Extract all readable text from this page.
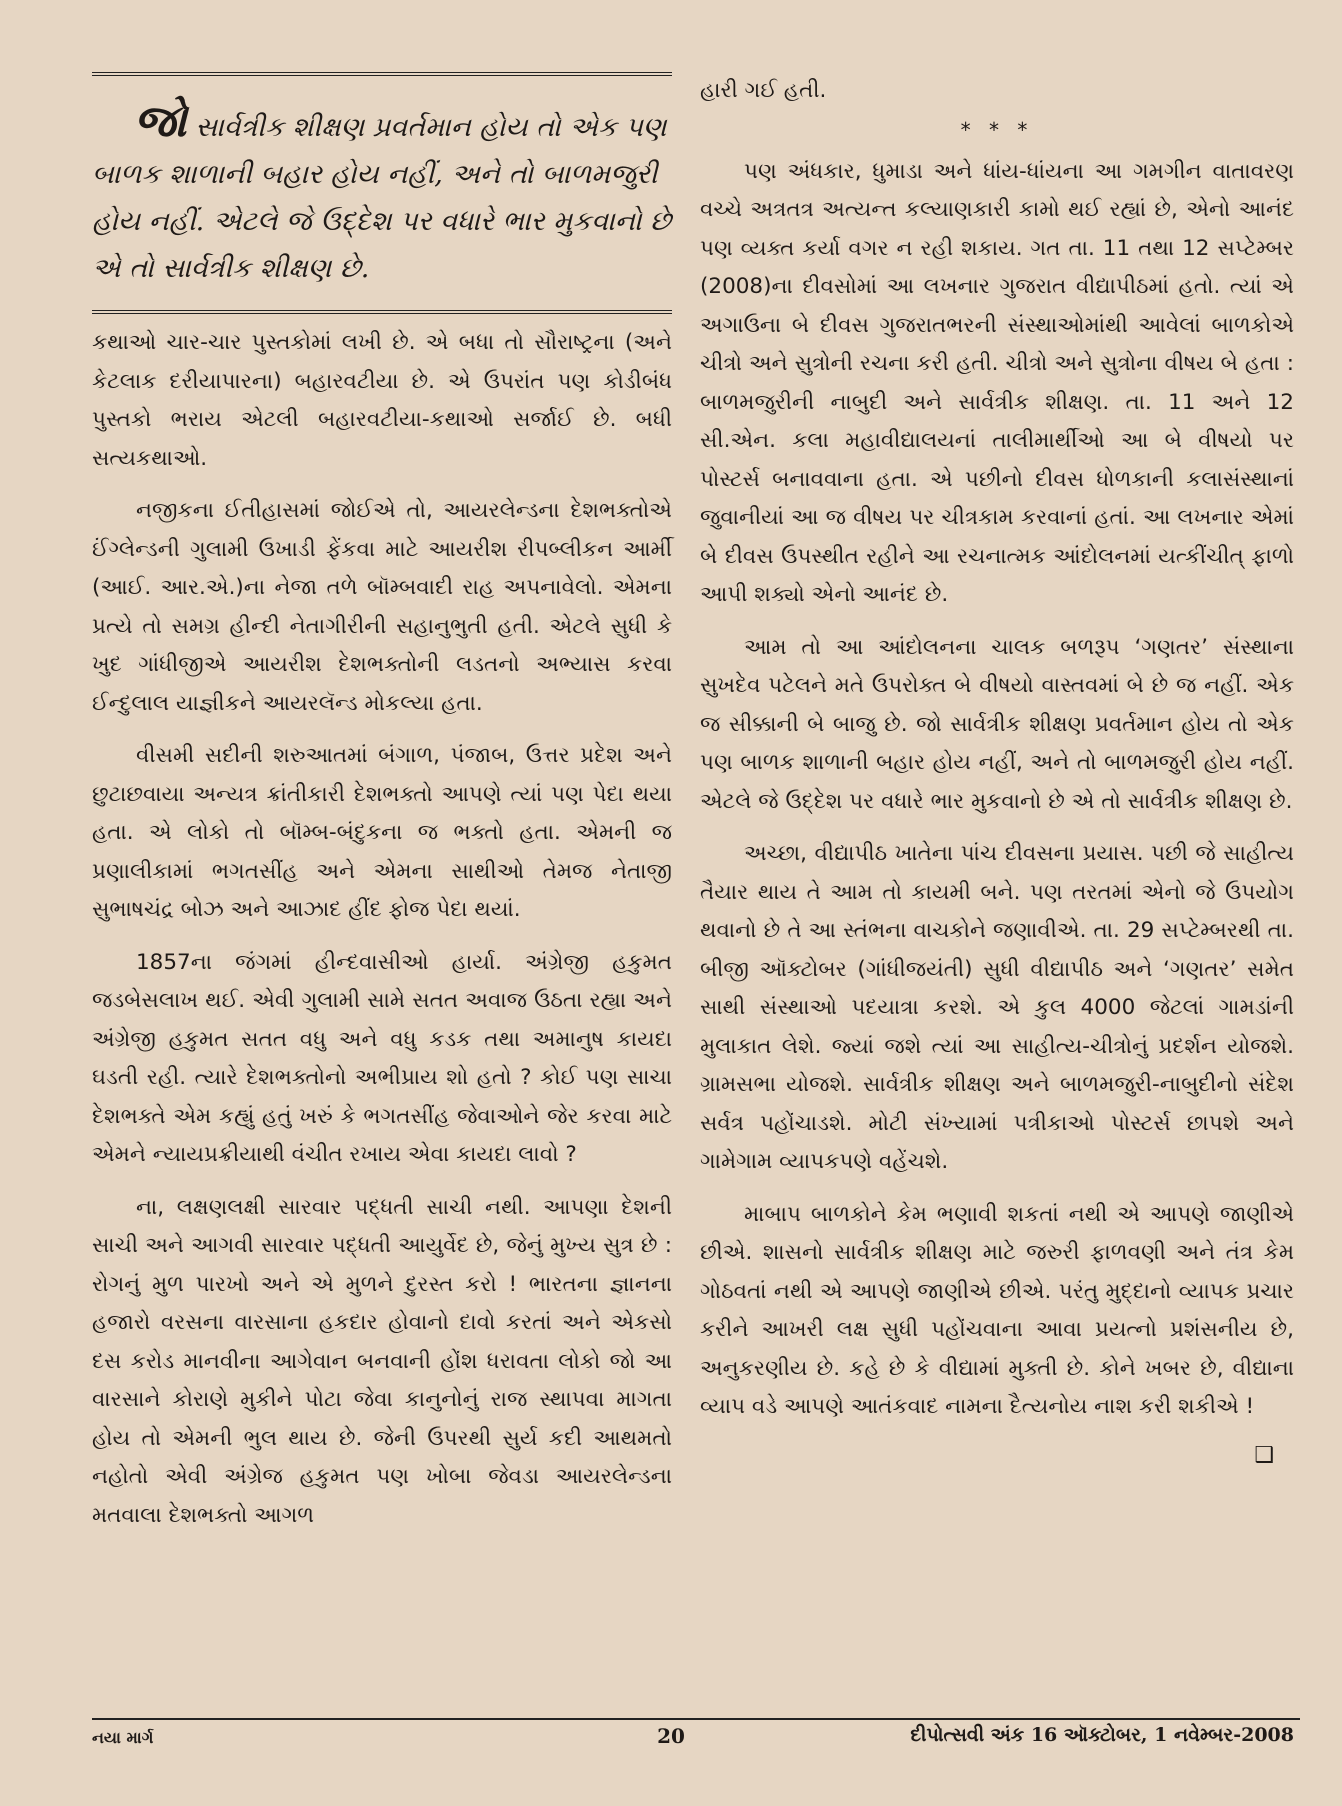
જો સાર્વત્રીક શીક્ષણ પ્રવર્તમાન હોય તો એક પણ બાળક શાળાની બહાર હોય નહીં, અને તો બાળમજુરી હોય નહીં. એટલે જે ઉદ્દેશ પર વધારે ભાર મુકવાનો છે એ તો સાર્વત્રીક શીક્ષણ છે.

કથાઓ ચાર-ચાર પુસ્તકોમાં લખી છે. એ બધા તો સૌરાષ્ટ્રના (અને કેટલાક દરીયાપારના) બહારવટીયા છે. એ ઉપરાંત પણ કોડીબંધ પુસ્તકો ભરાય એટલી બહારવટીયા-કથાઓ સર્જાઈ છે. બધી સત્યકથાઓ.

નજીકના ઈતીહાસમાં જોઈએ તો, આયરલેન્ડના દેશભક્તોએ ઈંગ્લેન્ડની ગુલામી ઉખાડી ફેંકવા માટે આયરીશ રીપબ્લીકન આર્મી (આઈ. આર.એ.)ના નેજા તળે બૉમ્બવાદી રાહ અપનાવેલો. એમના પ્રત્યે તો સમગ્ર હીન્દી નેતાગીરીની સહાનુભુતી હતી. એટલે સુધી કે ખુદ ગાંધીજીએ આયરીશ દેશભક્તોની લડતનો અભ્યાસ કરવા ઈન્દુલાલ યાજ્ઞીકને આયરલૅન્ડ મોકલ્યા હતા.

વીસમી સદીની શરુઆતમાં બંગાળ, પંજાબ, ઉત્તર પ્રદેશ અને છુટાછવાયા અન્યત્ર ક્રાંતીકારી દેશભક્તો આપણે ત્યાં પણ પેદા થયા હતા. એ લોકો તો બૉમ્બ-બંદુકના જ ભક્તો હતા. એમની જ પ્રણાલીકામાં ભગતસીંહ અને એમના સાથીઓ તેમજ નેતાજી સુભાષચંદ્ર બોઝ અને આઝાદ હીંદ ફોજ પેદા થયાં.

1857ના જંગમાં હીન્દવાસીઓ હાર્યા. અંગ્રેજી હકુમત જડબેસલાખ થઈ. એવી ગુલામી સામે સતત અવાજ ઉઠતા રહ્યા અને અંગ્રેજી હકુમત સતત વધુ અને વધુ કડક તથા અમાનુષ કાયદા ઘડતી રહી. ત્યારે દેશભક્તોનો અભીપ્રાય શો હતો ? કોઈ પણ સાચા દેશભક્તે એમ કહ્યું હતું ખરું કે ભગતસીંહ જેવાઓને જેર કરવા માટે એમને ન્યાયપ્રક્રીયાથી વંચીત રખાય એવા કાયદા લાવો ?

ના, લક્ષણલક્ષી સારવાર પદ્ધતી સાચી નથી. આપણા દેશની સાચી અને આગવી સારવાર પદ્ધતી આયુર્વેદ છે, જેનું મુખ્ય સુત્ર છે : રોગનું મુળ પારખો અને એ મુળને દુરસ્ત કરો ! ભારતના જ્ઞાનના હજારો વરસના વારસાના હકદાર હોવાનો દાવો કરતાં અને એકસો દસ કરોડ માનવીના આગેવાન બનવાની હોંશ ધરાવતા લોકો જો આ વારસાને કોરાણે મુકીને પોટા જેવા કાનુનોનું રાજ સ્થાપવા માગતા હોય તો એમની ભુલ થાય છે. જેની ઉપરથી સુર્ય કદી આથમતો નહોતો એવી અંગ્રેજ હકુમત પણ ખોબા જેવડા આયરલેન્ડના મતવાલા દેશભક્તો આગળ

હારી ગઈ હતી.

* * *

પણ અંધકાર, ધુમાડા અને ધાંય-ધાંયના આ ગમગીન વાતાવરણ વચ્ચે અત્રતત્ર અત્યન્ત કલ્યાણકારી કામો થઈ રહ્યાં છે, એનો આનંદ પણ વ્યક્ત કર્યા વગર ન રહી શકાય. ગત તા. 11 તથા 12 સપ્ટેમ્બર (2008)ના દીવસોમાં આ લખનાર ગુજરાત વીદ્યાપીઠમાં હતો. ત્યાં એ અગાઉના બે દીવસ ગુજરાતભરની સંસ્થાઓમાંથી આવેલાં બાળકોએ ચીત્રો અને સુત્રોની રચના કરી હતી. ચીત્રો અને સુત્રોના વીષય બે હતા : બાળમજુરીની નાબુદી અને સાર્વત્રીક શીક્ષણ. તા. 11 અને 12 સી.એન. કલા મહાવીદ્યાલયનાં તાલીમાર્થીઓ આ બે વીષયો પર પોસ્ટર્સ બનાવવાના હતા. એ પછીનો દીવસ ધોળકાની કલાસંસ્થાનાં જુવાનીયાં આ જ વીષય પર ચીત્રકામ કરવાનાં હતાં. આ લખનાર એમાં બે દીવસ ઉપસ્થીત રહીને આ રચનાત્મક આંદોલનમાં યત્કીંચીત્ ફાળો આપી શક્યો એનો આનંદ છે.

આમ તો આ આંદોલનના ચાલક બળરૂપ ‘ગણતર’ સંસ્થાના સુખદેવ પટેલને મતે ઉપરોક્ત બે વીષયો વાસ્તવમાં બે છે જ નહીં. એક જ સીક્કાની બે બાજુ છે. જો સાર્વત્રીક શીક્ષણ પ્રવર્તમાન હોય તો એક પણ બાળક શાળાની બહાર હોય નહીં, અને તો બાળમજુરી હોય નહીં. એટલે જે ઉદ્દેશ પર વધારે ભાર મુકવાનો છે એ તો સાર્વત્રીક શીક્ષણ છે.

અચ્છા, વીદ્યાપીઠ ખાતેના પાંચ દીવસના પ્રયાસ. પછી જે સાહીત્ય તૈયાર થાય તે આમ તો કાયમી બને. પણ તરતમાં એનો જે ઉપયોગ થવાનો છે તે આ સ્તંભના વાચકોને જણાવીએ. તા. 29 સપ્ટેમ્બરથી તા. બીજી ઑક્ટોબર (ગાંધીજયંતી) સુધી વીદ્યાપીઠ અને ‘ગણતર’ સમેત સાથી સંસ્થાઓ પદયાત્રા કરશે. એ કુલ 4000 જેટલાં ગામડાંની મુલાકાત લેશે. જ્યાં જશે ત્યાં આ સાહીત્ય-ચીત્રોનું પ્રદર્શન યોજશે. ગ્રામસભા યોજશે. સાર્વત્રીક શીક્ષણ અને બાળમજુરી-નાબુદીનો સંદેશ સર્વત્ર પહોંચાડશે. મોટી સંખ્યામાં પત્રીકાઓ પોસ્ટર્સ છાપશે અને ગામેગામ વ્યાપકપણે વહેંચશે.

માબાપ બાળકોને કેમ ભણાવી શકતાં નથી એ આપણે જાણીએ છીએ. શાસનો સાર્વત્રીક શીક્ષણ માટે જરુરી ફાળવણી અને તંત્ર કેમ ગોઠવતાં નથી એ આપણે જાણીએ છીએ. પરંતુ મુદ્દાનો વ્યાપક પ્રચાર કરીને આખરી લક્ષ સુધી પહોંચવાના આવા પ્રયત્નો પ્રશંસનીય છે, અનુકરણીય છે. કહે છે કે વીદ્યામાં મુક્તી છે. કોને ખબર છે, વીદ્યાના વ્યાપ વડે આપણે આતંકવાદ નામના દૈત્યનોય નાશ કરી શકીએ !

❑
નયા માર્ગ	20	દીપોત્સવી અંક 16 ઑક્ટોબર, 1 નવેમ્બર-2008
